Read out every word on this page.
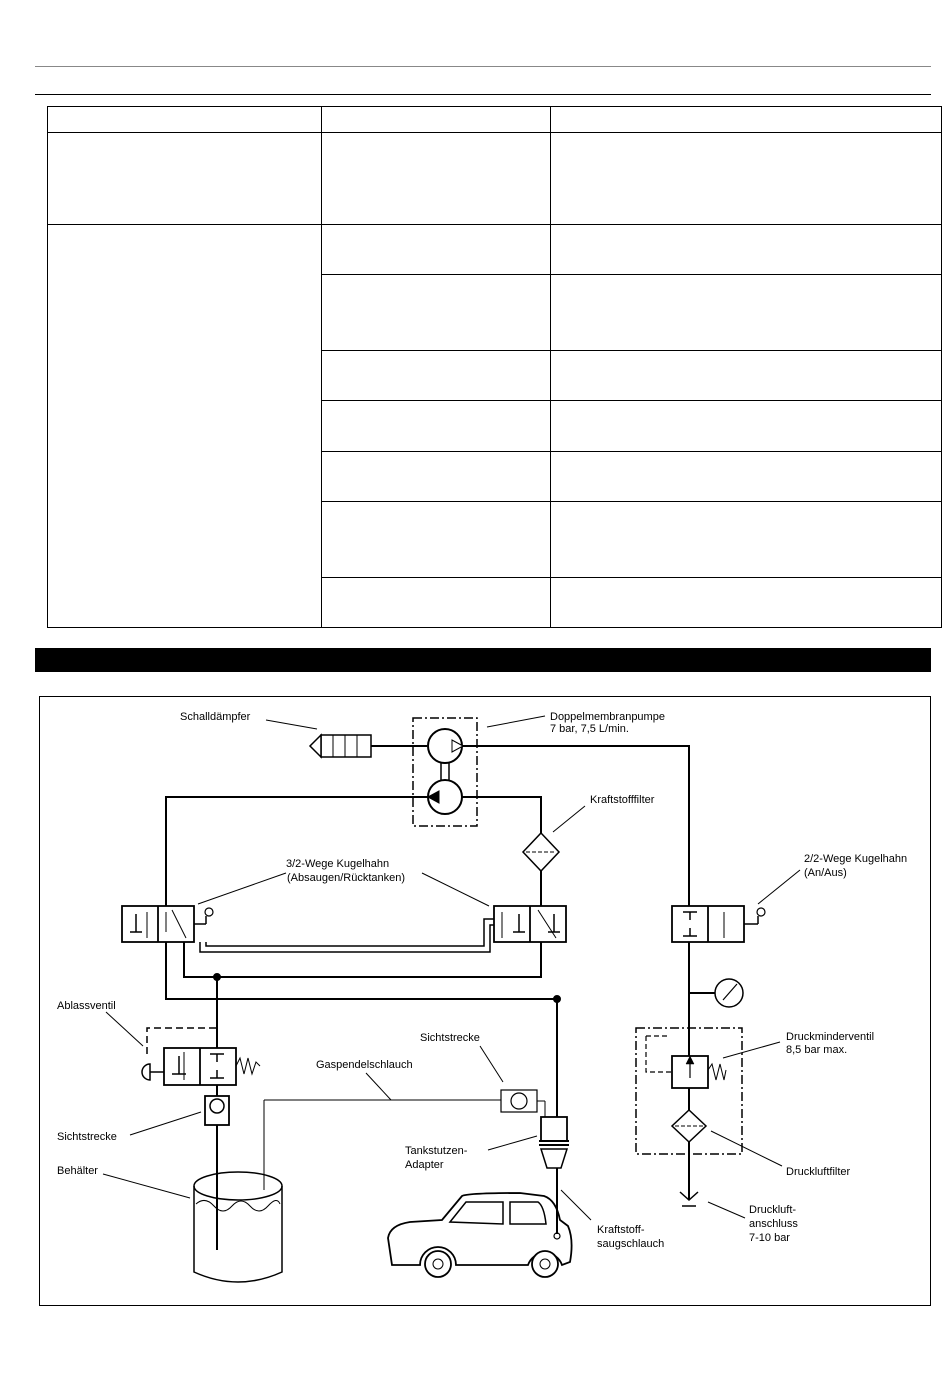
Schalldämpfer	Doppelmembranpumpe
7 bar, 7,5 L/min.
Kraftstofffilter
3/2-Wege Kugelhahn
(Absaugen/Rücktanken)
2/2-Wege Kugelhahn
(An/Aus)
Ablassventil
Sichtstrecke
Gaspendelschlauch
Druckminderventil
8,5 bar max.
Sichtstrecke
Tankstutzen-
Adapter
Behälter	Druckluftfilter
Kraftstoff-
saugschlauch
Druckluft-
anschluss
7-10 bar
